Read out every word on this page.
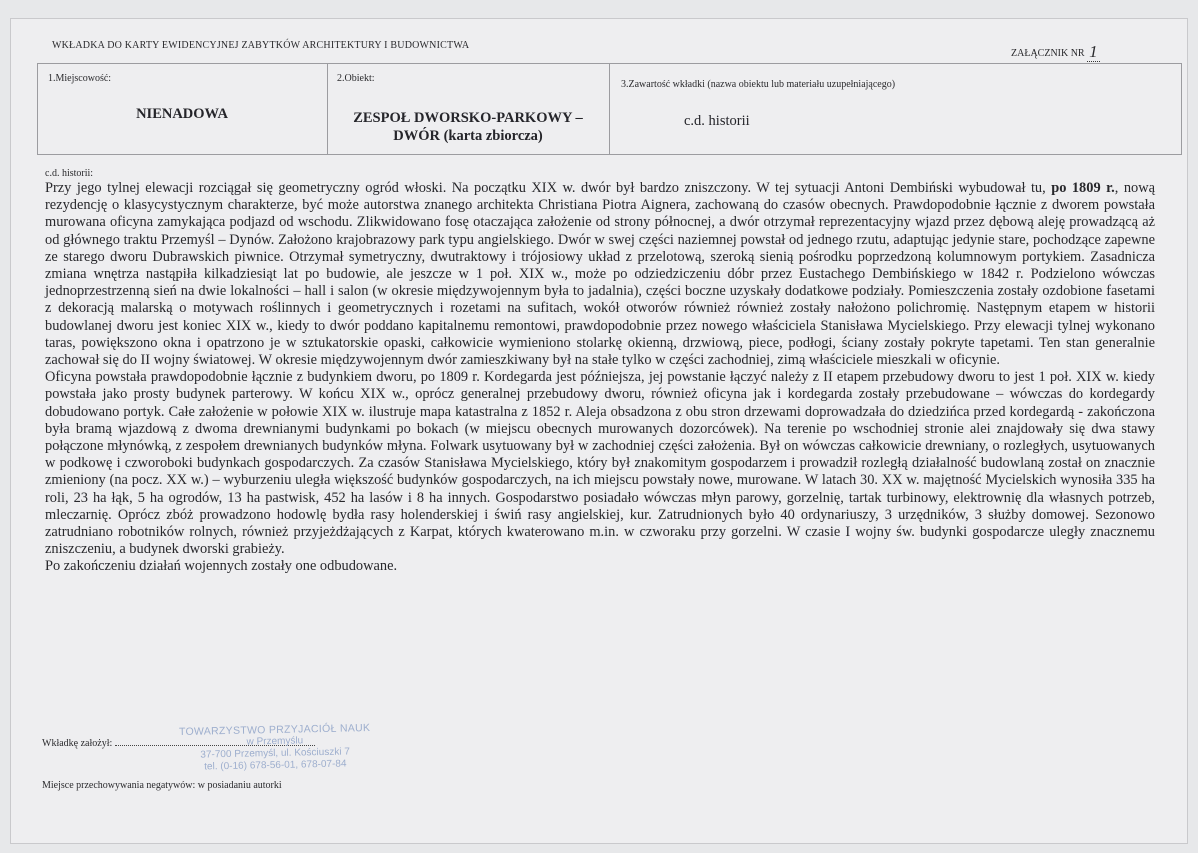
WKŁADKA DO KARTY EWIDENCYJNEJ ZABYTKÓW ARCHITEKTURY I BUDOWNICTWA
ZAŁĄCZNIK NR 1
1.Miejscowość:
NIENADOWA
2.Obiekt:
ZESPOŁ DWORSKO-PARKOWY –
DWÓR (karta zbiorcza)
3.Zawartość wkładki (nazwa obiektu lub materiału uzupełniającego)
c.d. historii
c.d. historii:

Przy jego tylnej elewacji rozciągał się geometryczny ogród włoski. Na początku XIX w. dwór był bardzo zniszczony. W tej sytuacji Antoni Dembiński wybudował tu, po 1809 r., nową rezydencję o klasycystycznym charakterze, być może autorstwa znanego architekta Christiana Piotra Aignera, zachowaną do czasów obecnych. Prawdopodobnie łącznie z dworem powstała murowana oficyna zamykająca podjazd od wschodu. Zlikwidowano fosę otaczająca założenie od strony północnej, a dwór otrzymał reprezentacyjny wjazd przez dębową aleję prowadzącą aż od głównego traktu Przemyśl – Dynów. Założono krajobrazowy park typu angielskiego. Dwór w swej części naziemnej powstał od jednego rzutu, adaptując jedynie stare, pochodzące zapewne ze starego dworu Dubrawskich piwnice. Otrzymał symetryczny, dwutraktowy i trójosiowy układ z przelotową, szeroką sienią pośrodku poprzedzoną kolumnowym portykiem. Zasadnicza zmiana wnętrza nastąpiła kilkadziesiąt lat po budowie, ale jeszcze w 1 poł. XIX w., może po odziedziczeniu dóbr przez Eustachego Dembińskiego w 1842 r. Podzielono wówczas jednoprzestrzenną sień na dwie lokalności – hall i salon (w okresie międzywojennym była to jadalnia), części boczne uzyskały dodatkowe podziały. Pomieszczenia zostały ozdobione fasetami z dekoracją malarską o motywach roślinnych i geometrycznych i rozetami na sufitach, wokół otworów również również zostały nałożono polichromię. Następnym etapem w historii budowlanej dworu jest koniec XIX w., kiedy to dwór poddano kapitalnemu remontowi, prawdopodobnie przez nowego właściciela Stanisława Mycielskiego. Przy elewacji tylnej wykonano taras, powiększono okna i opatrzono je w sztukatorskie opaski, całkowicie wymieniono stolarkę okienną, drzwiową, piece, podłogi, ściany zostały pokryte tapetami. Ten stan generalnie zachował się do II wojny światowej. W okresie międzywojennym dwór zamieszkiwany był na stałe tylko w części zachodniej, zimą właściciele mieszkali w oficynie.

Oficyna powstała prawdopodobnie łącznie z budynkiem dworu, po 1809 r. Kordegarda jest późniejsza, jej powstanie łączyć należy z II etapem przebudowy dworu to jest 1 poł. XIX w. kiedy powstała jako prosty budynek parterowy. W końcu XIX w., oprócz generalnej przebudowy dworu, również oficyna jak i kordegarda zostały przebudowane – wówczas do kordegardy dobudowano portyk. Całe założenie w połowie XIX w. ilustruje mapa katastralna z 1852 r. Aleja obsadzona z obu stron drzewami doprowadzała do dziedzińca przed kordegardą - zakończona była bramą wjazdową z dwoma drewnianymi budynkami po bokach (w miejscu obecnych murowanych dozorcówek). Na terenie po wschodniej stronie alei znajdowały się dwa stawy połączone młynówką, z zespołem drewnianych budynków młyna. Folwark usytuowany był w zachodniej części założenia. Był on wówczas całkowicie drewniany, o rozległych, usytuowanych w podkowę i czworoboki budynkach gospodarczych. Za czasów Stanisława Mycielskiego, który był znakomitym gospodarzem i prowadził rozległą działalność budowlaną został on znacznie zmieniony (na pocz. XX w.) – wyburzeniu uległa większość budynków gospodarczych, na ich miejscu powstały nowe, murowane. W latach 30. XX w. majętność Mycielskich wynosiła 335 ha roli, 23 ha łąk, 5 ha ogrodów, 13 ha pastwisk, 452 ha lasów i 8 ha innych. Gospodarstwo posiadało wówczas młyn parowy, gorzelnię, tartak turbinowy, elektrownię dla własnych potrzeb, mleczarnię. Oprócz zbóż prowadzono hodowlę bydła rasy holenderskiej i świń rasy angielskiej, kur. Zatrudnionych było 40 ordynariuszy, 3 urzędników, 3 służby domowej. Sezonowo zatrudniano robotników rolnych, również przyjeżdżających z Karpat, których kwaterowano m.in. w czworaku przy gorzelni. W czasie I wojny św. budynki gospodarcze uległy znacznemu zniszczeniu, a budynek dworski grabieży.

Po zakończeniu działań wojennych zostały one odbudowane.

Wkładkę założył:
TOWARZYSTWO PRZYJACIÓŁ NAUK
w Przemyślu
37-700 Przemyśl, ul. Kościuszki 7
tel. (0-16) 678-56-01, 678-07-84
Miejsce przechowywania negatywów: w posiadaniu autorki
